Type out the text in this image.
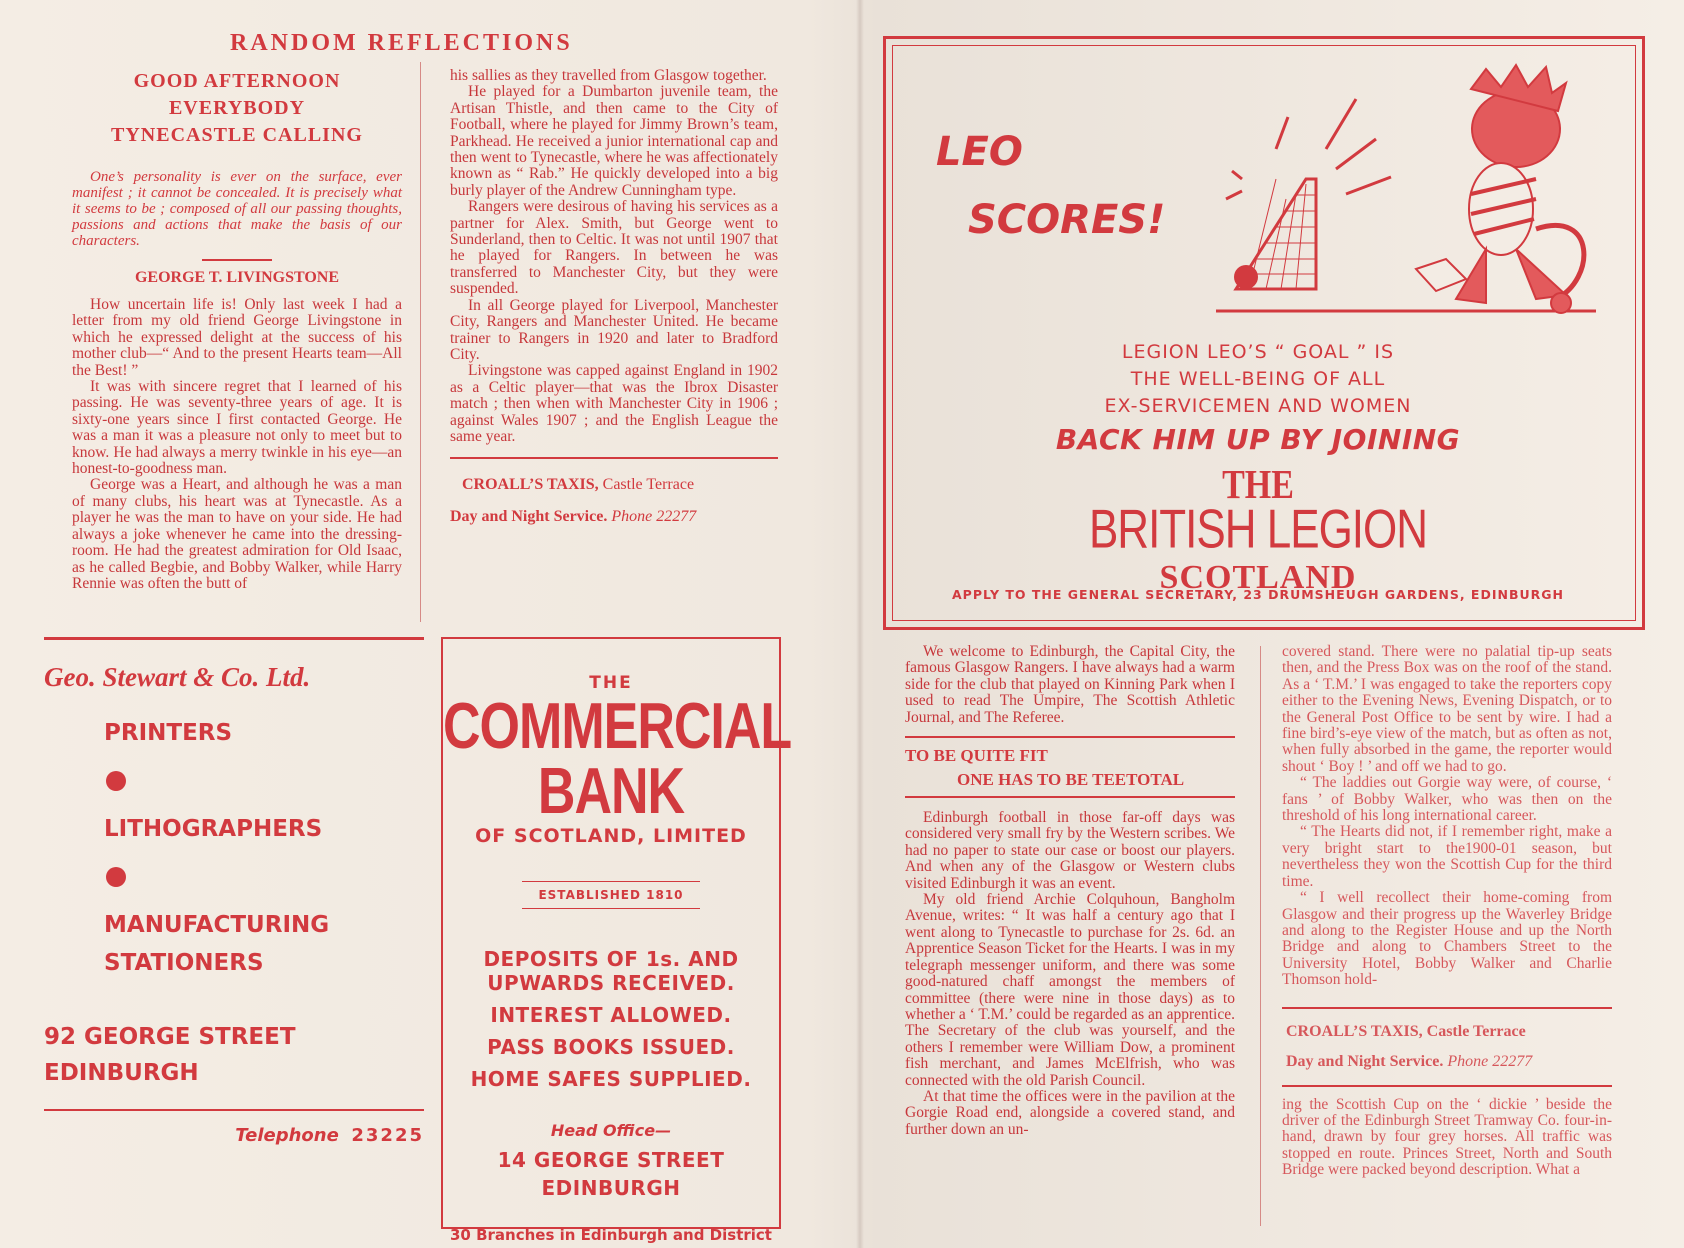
RANDOM REFLECTIONS
GOOD AFTERNOON
EVERYBODY
TYNECASTLE CALLING
One’s personality is ever on the surface, ever manifest ; it cannot be concealed. It is precisely what it seems to be ; composed of all our passing thoughts, passions and actions that make the basis of our characters.
GEORGE T. LIVINGSTONE

How uncertain life is! Only last week I had a letter from my old friend George Livingstone in which he expressed delight at the success of his mother club—“ And to the present Hearts team—All the Best! ”

It was with sincere regret that I learned of his passing. He was seventy-three years of age. It is sixty-one years since I first contacted George. He was a man it was a pleasure not only to meet but to know. He had always a merry twinkle in his eye—an honest-to-goodness man.

George was a Heart, and although he was a man of many clubs, his heart was at Tynecastle. As a player he was the man to have on your side. He had always a joke whenever he came into the dressing-room. He had the greatest admiration for Old Isaac, as he called Begbie, and Bobby Walker, while Harry Rennie was often the butt of

his sallies as they travelled from Glasgow together.

He played for a Dumbarton juvenile team, the Artisan Thistle, and then came to the City of Football, where he played for Jimmy Brown’s team, Parkhead. He received a junior international cap and then went to Tynecastle, where he was affectionately known as “ Rab.” He quickly developed into a big burly player of the Andrew Cunningham type.

Rangers were desirous of having his services as a partner for Alex. Smith, but George went to Sunderland, then to Celtic. It was not until 1907 that he played for Rangers. In between he was transferred to Manchester City, but they were suspended.

In all George played for Liverpool, Manchester City, Rangers and Manchester United. He became trainer to Rangers in 1920 and later to Bradford City.

Livingstone was capped against England in 1902 as a Celtic player—that was the Ibrox Disaster match ; then when with Manchester City in 1906 ; against Wales 1907 ; and the English League the same year.

CROALL’S TAXIS, Castle Terrace
Day and Night Service. Phone 22277
Geo. Stewart & Co. Ltd.
PRINTERS
LITHOGRAPHERS
MANUFACTURING
STATIONERS
92 GEORGE STREET
EDINBURGH
Telephone 23225
THE
COMMERCIAL BANK
OF SCOTLAND, LIMITED
ESTABLISHED 1810
DEPOSITS OF 1s. AND
UPWARDS RECEIVED.
INTEREST ALLOWED.
PASS BOOKS ISSUED.
HOME SAFES SUPPLIED.
Head Office—
14 GEORGE STREET
EDINBURGH
30 Branches in Edinburgh and District
LEO
SCORES!
LEGION LEO’S “ GOAL ” IS
THE WELL-BEING OF ALL
EX-SERVICEMEN AND WOMEN
BACK HIM UP BY JOINING
THE
BRITISH LEGION
SCOTLAND
APPLY TO THE GENERAL SECRETARY, 23 DRUMSHEUGH GARDENS, EDINBURGH

We welcome to Edinburgh, the Capital City, the famous Glasgow Rangers. I have always had a warm side for the club that played on Kinning Park when I used to read The Umpire, The Scottish Athletic Journal, and The Referee.

TO BE QUITE FIT
ONE HAS TO BE TEETOTAL

Edinburgh football in those far-off days was considered very small fry by the Western scribes. We had no paper to state our case or boost our players. And when any of the Glasgow or Western clubs visited Edinburgh it was an event.

My old friend Archie Colquhoun, Bangholm Avenue, writes: “ It was half a century ago that I went along to Tynecastle to purchase for 2s. 6d. an Apprentice Season Ticket for the Hearts. I was in my telegraph messenger uniform, and there was some good-natured chaff amongst the members of committee (there were nine in those days) as to whether a ‘ T.M.’ could be regarded as an apprentice. The Secretary of the club was yourself, and the others I remember were William Dow, a prominent fish merchant, and James McElfrish, who was connected with the old Parish Council.

At that time the offices were in the pavilion at the Gorgie Road end, alongside a covered stand, and further down an un-

covered stand. There were no palatial tip-up seats then, and the Press Box was on the roof of the stand. As a ‘ T.M.’ I was engaged to take the reporters copy either to the Evening News, Evening Dispatch, or to the General Post Office to be sent by wire. I had a fine bird’s-eye view of the match, but as often as not, when fully absorbed in the game, the reporter would shout ‘ Boy ! ’ and off we had to go.

“ The laddies out Gorgie way were, of course, ‘ fans ’ of Bobby Walker, who was then on the threshold of his long international career.

“ The Hearts did not, if I remember right, make a very bright start to the1900-01 season, but nevertheless they won the Scottish Cup for the third time.

“ I well recollect their home-coming from Glasgow and their progress up the Waverley Bridge and along to the Register House and up the North Bridge and along to Chambers Street to the University Hotel, Bobby Walker and Charlie Thomson hold-

CROALL’S TAXIS, Castle Terrace
Day and Night Service. Phone 22277

ing the Scottish Cup on the ‘ dickie ’ beside the driver of the Edinburgh Street Tramway Co. four-in-hand, drawn by four grey horses. All traffic was stopped en route. Princes Street, North and South Bridge were packed beyond description. What a
